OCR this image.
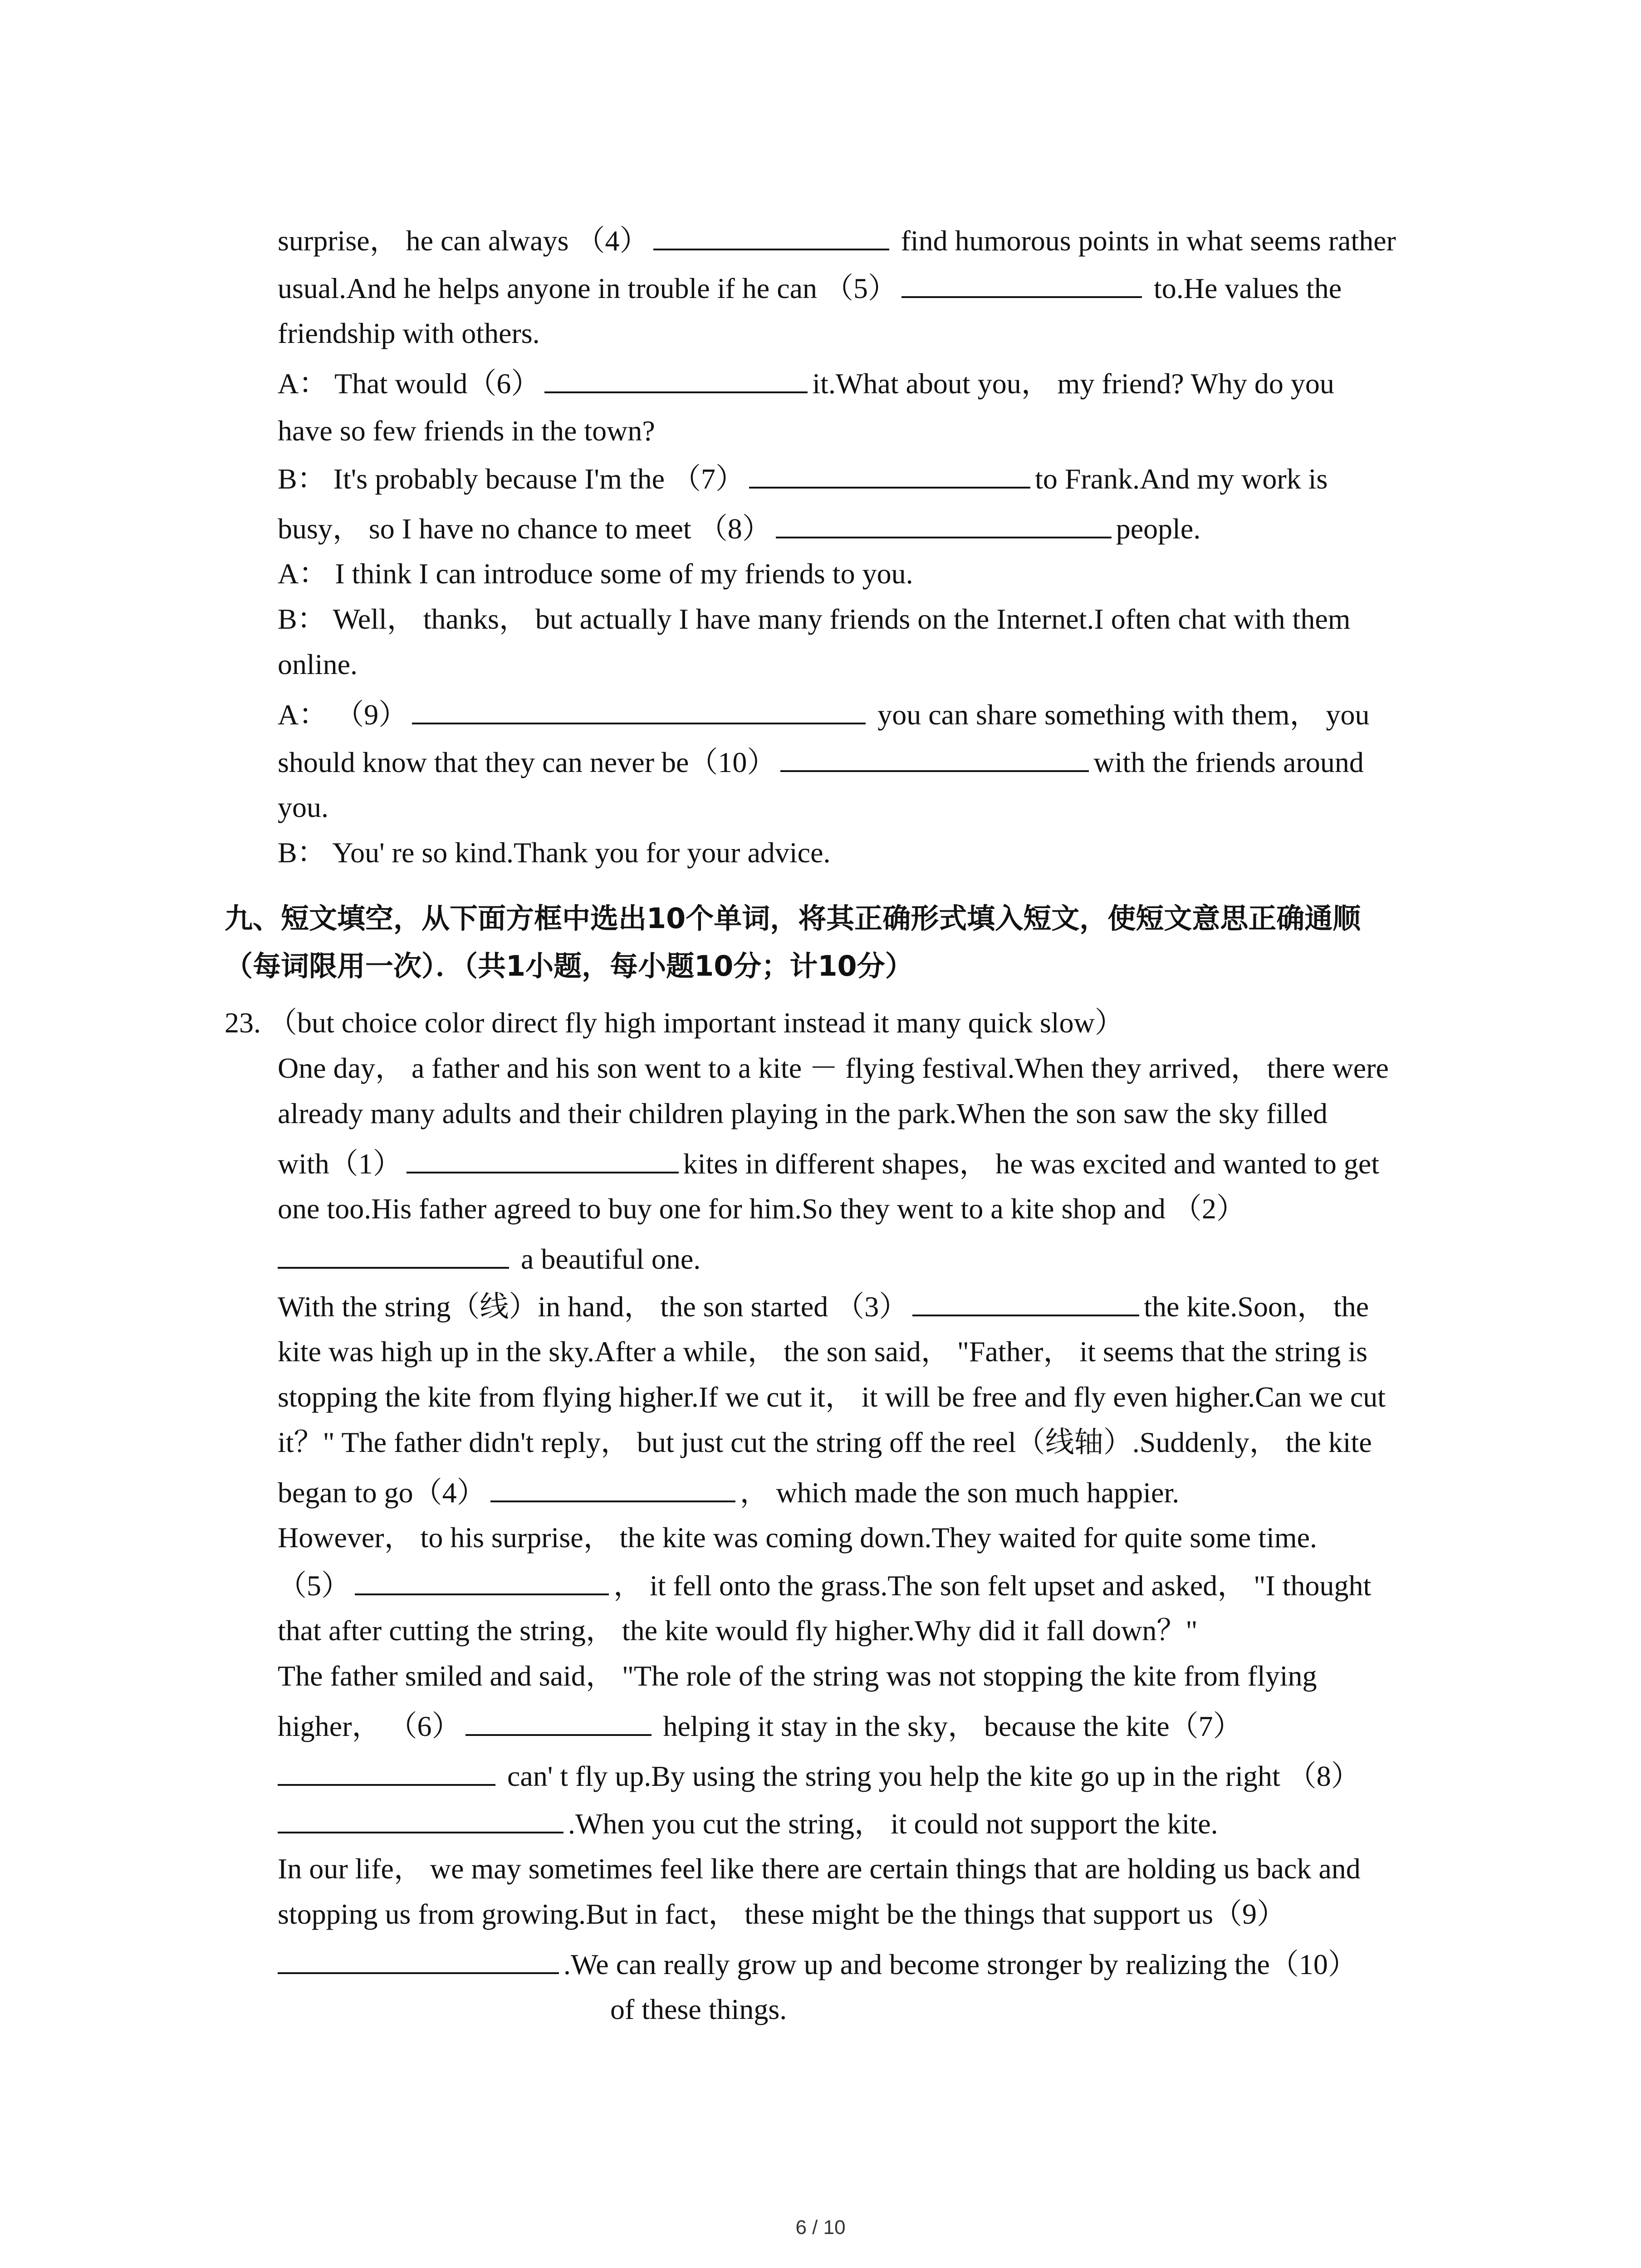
surprise， he can always （4）	find humorous points in what seems rather
usual.And he helps anyone in trouble if he can （5）	to.He values the
friendship with others.
A： That would（6）	it.What about you， my friend? Why do you
have so few friends in the town?
B： It's probably because I'm the （7）	to Frank.And my work is
busy， so I have no chance to meet （8）	people.
A： I think I can introduce some of my friends to you.
B： Well， thanks， but actually I have many friends on the Internet.I often chat with them
online.
A： （9）	you can share something with them， you
should know that they can never be（10）	with the friends around
you.
B： You' re so kind.Thank you for your advice.
九、短文填空，从下面方框中选出10个单词，将其正确形式填入短文，使短文意思正确通顺
（每词限用一次）．（共1小题，每小题10分；计10分）
23. （but choice color direct fly high important instead it many quick slow）
One day， a father and his son went to a kite － flying festival.When they arrived， there were
already many adults and their children playing in the park.When the son saw the sky filled
with（1）	kites in different shapes， he was excited and wanted to get
one too.His father agreed to buy one for him.So they went to a kite shop and （2）
a beautiful one.
With the string（线）in hand， the son started （3）	the kite.Soon， the
kite was high up in the sky.After a while， the son said， "Father， it seems that the string is
stopping the kite from flying higher.If we cut it， it will be free and fly even higher.Can we cut
it？" The father didn't reply， but just cut the string off the reel（线轴）.Suddenly， the kite
began to go（4）	， which made the son much happier.
However， to his surprise， the kite was coming down.They waited for quite some time.
（5）	， it fell onto the grass.The son felt upset and asked， "I thought
that after cutting the string， the kite would fly higher.Why did it fall down？"
The father smiled and said， "The role of the string was not stopping the kite from flying
higher， （6）	helping it stay in the sky， because the kite（7）
can' t fly up.By using the string you help the kite go up in the right （8）
.When you cut the string， it could not support the kite.
In our life， we may sometimes feel like there are certain things that are holding us back and
stopping us from growing.But in fact， these might be the things that support us（9）
.We can really grow up and become stronger by realizing the（10）
of these things.
6 / 10
